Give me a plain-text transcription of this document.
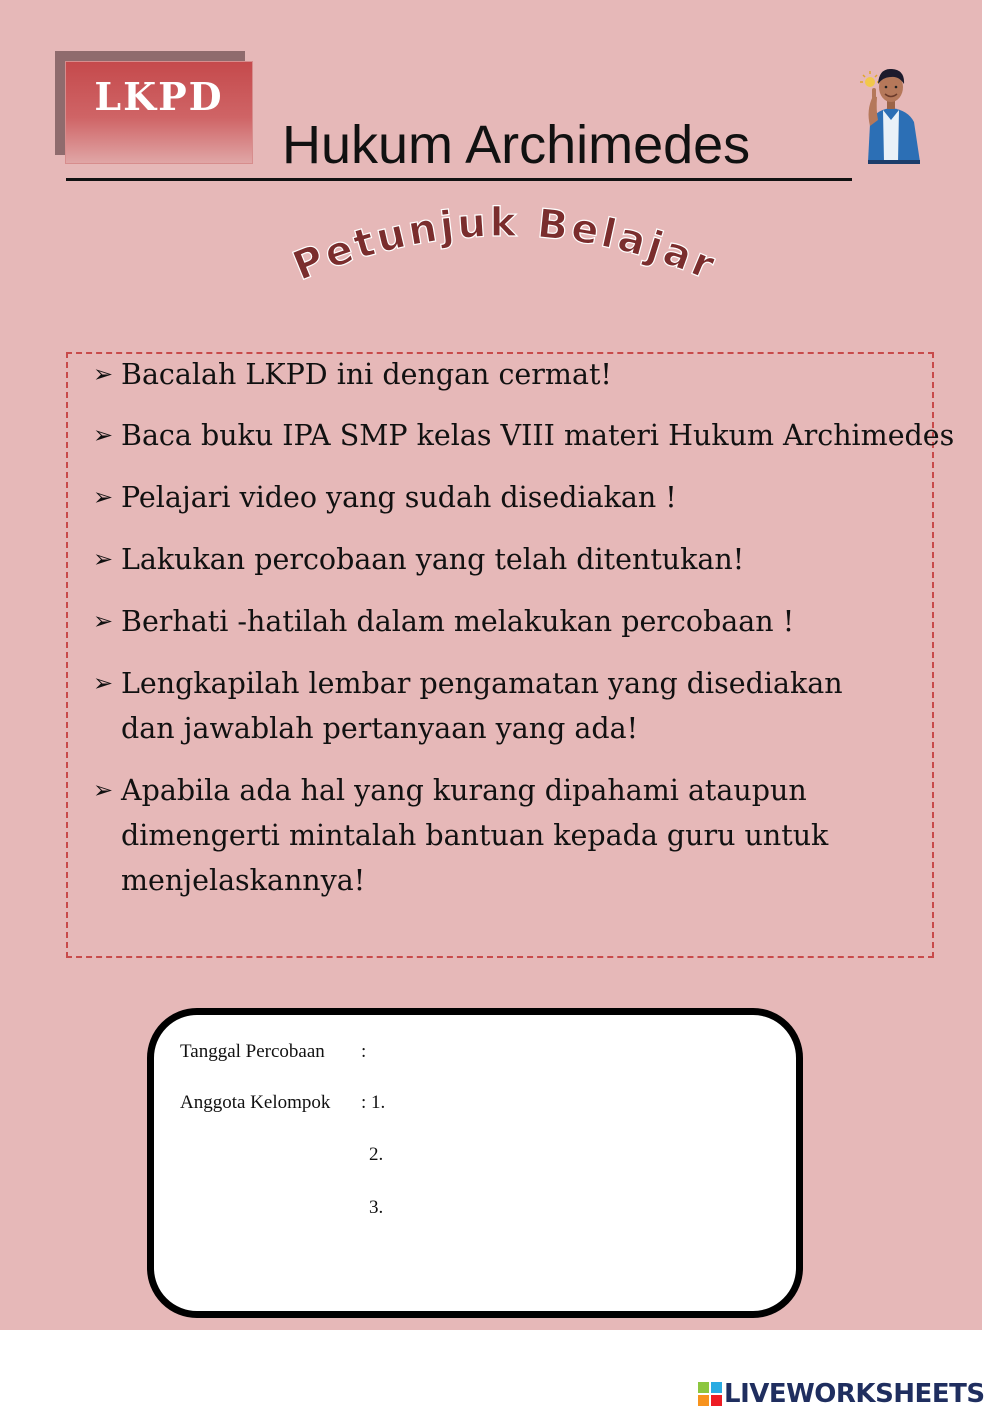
LKPD
Hukum Archimedes
Petunjuk Belajar
➢ Bacalah LKPD ini dengan cermat!
➢ Baca buku IPA SMP kelas VIII materi Hukum Archimedes
➢ Pelajari video yang sudah disediakan !
➢ Lakukan percobaan yang telah ditentukan!
➢ Berhati -hatilah dalam melakukan percobaan !
➢ Lengkapilah lembar pengamatan yang disediakan dan jawablah pertanyaan yang ada!
➢ Apabila ada hal yang kurang dipahami ataupun dimengerti mintalah bantuan kepada guru untuk menjelaskannya!
Tanggal Percobaan :
Anggota Kelompok : 1.
2.
3.
LIVEWORKSHEETS
